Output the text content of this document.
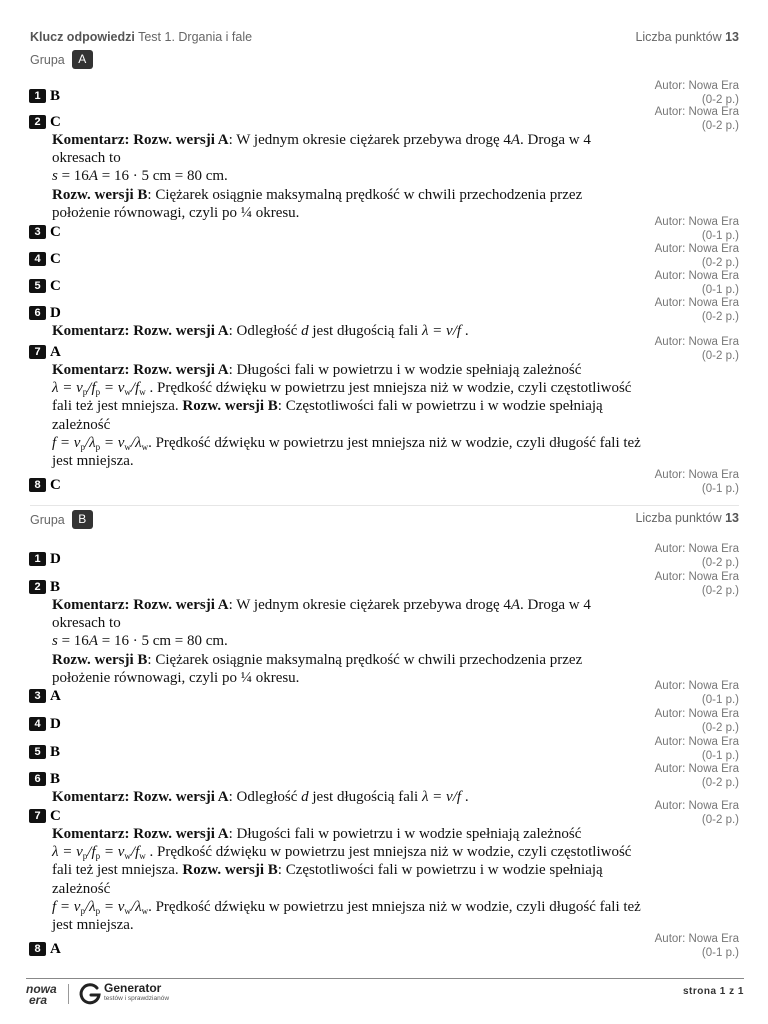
Klucz odpowiedzi Test 1. Drgania i fale	Liczba punktów 13
Grupa	A
1 B
Autor: Nowa Era
(0-2 p.)
2 C
Autor: Nowa Era
(0-2 p.)
Komentarz: Rozw. wersji A: W jednym okresie ciężarek przebywa drogę 4A. Droga w 4 okresach to
s = 16A = 16 · 5 cm = 80 cm.
Rozw. wersji B: Ciężarek osiągnie maksymalną prędkość w chwili przechodzenia przez położenie równowagi, czyli po ¼ okresu.
3 C
Autor: Nowa Era
(0-1 p.)
4 C
Autor: Nowa Era
(0-2 p.)
5 C
Autor: Nowa Era
(0-1 p.)
6 D
Autor: Nowa Era
(0-2 p.)
Komentarz: Rozw. wersji A: Odległość d jest długością fali λ = v/f .
7 A
Autor: Nowa Era
(0-2 p.)
Komentarz: Rozw. wersji A: Długości fali w powietrzu i w wodzie spełniają zależność
$\lambda = v_p/f_p = v_w/f_w$ . Prędkość dźwięku w powietrzu jest mniejsza niż w wodzie, czyli częstotliwość fali też jest mniejsza. Rozw. wersji B: Częstotliwości fali w powietrzu i w wodzie spełniają zależność
$f = v_p/\lambda_p = v_w/\lambda_w$. Prędkość dźwięku w powietrzu jest mniejsza niż w wodzie, czyli długość fali też jest mniejsza.
8 C
Autor: Nowa Era
(0-1 p.)
Grupa	B	Liczba punktów 13
1 D
Autor: Nowa Era
(0-2 p.)
2 B
Autor: Nowa Era
(0-2 p.)
Komentarz: Rozw. wersji A: W jednym okresie ciężarek przebywa drogę 4A. Droga w 4 okresach to
s = 16A = 16 · 5 cm = 80 cm.
Rozw. wersji B: Ciężarek osiągnie maksymalną prędkość w chwili przechodzenia przez położenie równowagi, czyli po ¼ okresu.
3 A
Autor: Nowa Era
(0-1 p.)
4 D
Autor: Nowa Era
(0-2 p.)
5 B
Autor: Nowa Era
(0-1 p.)
6 B
Autor: Nowa Era
(0-2 p.)
Komentarz: Rozw. wersji A: Odległość d jest długością fali λ = v/f .
7 C
Autor: Nowa Era
(0-2 p.)
Komentarz: Rozw. wersji A: Długości fali w powietrzu i w wodzie spełniają zależność
$\lambda = v_p/f_p = v_w/f_w$ . Prędkość dźwięku w powietrzu jest mniejsza niż w wodzie, czyli częstotliwość fali też jest mniejsza. Rozw. wersji B: Częstotliwości fali w powietrzu i w wodzie spełniają zależność
$f = v_p/\lambda_p = v_w/\lambda_w$. Prędkość dźwięku w powietrzu jest mniejsza niż w wodzie, czyli długość fali też jest mniejsza.
8 A
Autor: Nowa Era
(0-1 p.)
nowa
era
Generator
testów i sprawdzianów
strona 1 z 1
